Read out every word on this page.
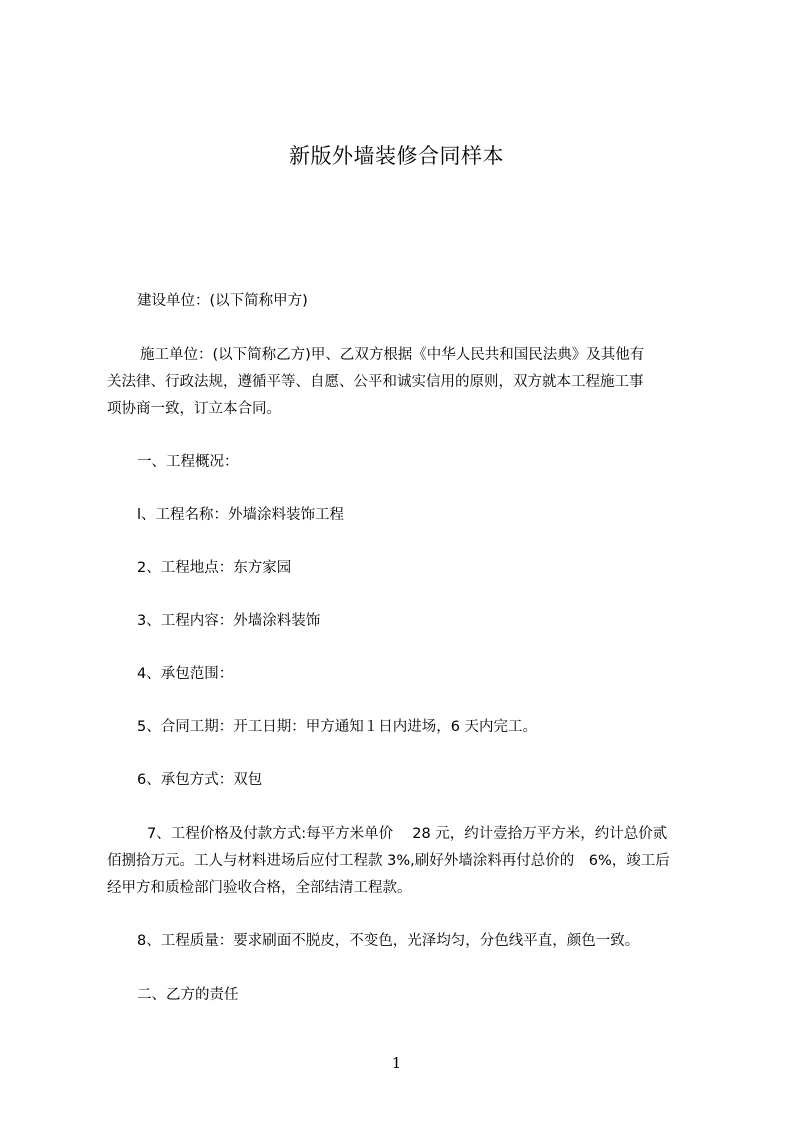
新版外墙装修合同样本
建设单位：(以下简称甲方)
施工单位：(以下简称乙方)甲、乙双方根据《中华人民共和国民法典》及其他有
关法律、行政法规，遵循平等、自愿、公平和诚实信用的原则，双方就本工程施工事
项协商一致，订立本合同。
一、工程概况：
l、工程名称：外墙涂料装饰工程
2、工程地点：东方家园
3、工程内容：外墙涂料装饰
4、承包范围：
5、合同工期：开工日期：甲方通知１日内进场，6 天内完工。
6、承包方式：双包
7、工程价格及付款方式:每平方米单价　 28 元，约计壹拾万平方米，约计总价贰
佰捌拾万元。工人与材料进场后应付工程款 3%,刷好外墙涂料再付总价的　6%，竣工后
经甲方和质检部门验收合格，全部结清工程款。
8、工程质量：要求刷面不脱皮，不变色，光泽均匀，分色线平直，颜色一致。
二、乙方的责任
1
